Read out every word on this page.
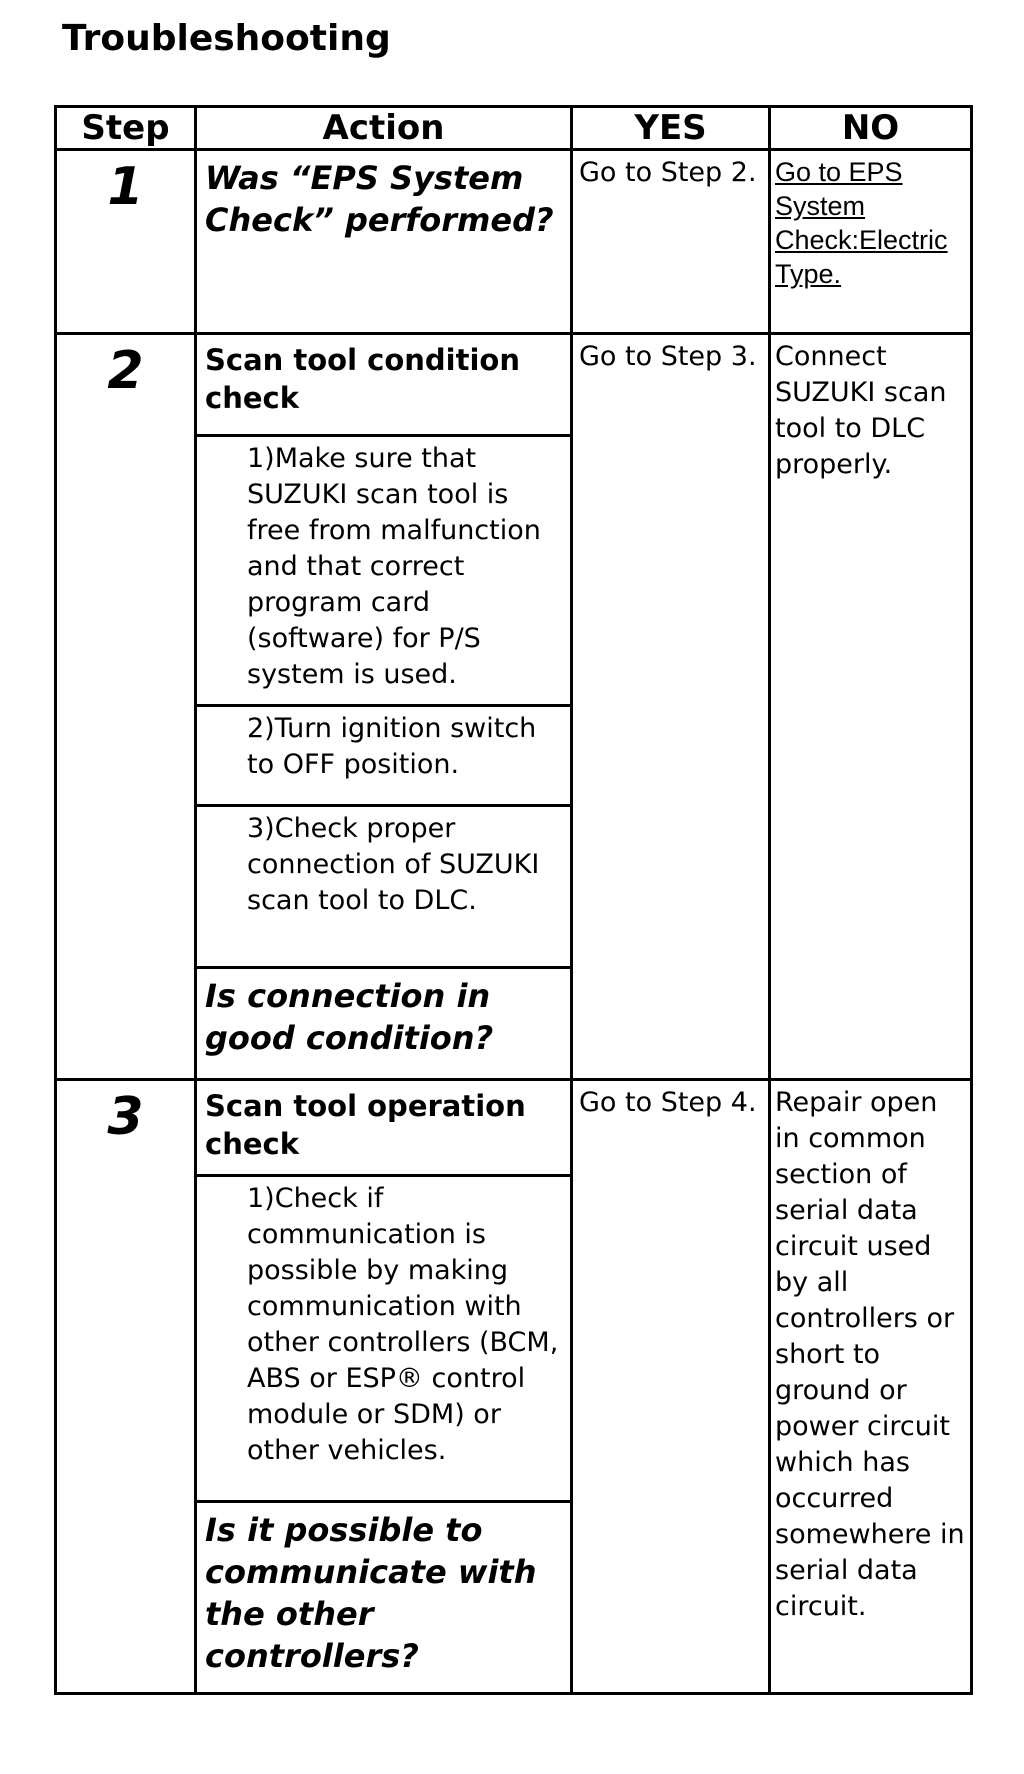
Troubleshooting
Step	Action	YES	NO

1	Was “EPS System Check” performed?	Go to Step 2.	Go to EPS System Check:Electric Type.

2	Scan tool condition check	Go to Step 3.	Connect SUZUKI scan tool to DLC properly.

	1)Make sure that SUZUKI scan tool is free from malfunction and that correct program card (software) for P/S system is used.		

	2)Turn ignition switch to OFF position.		

	3)Check proper connection of SUZUKI scan tool to DLC.		

	Is connection in good condition?		

3	Scan tool operation check	Go to Step 4.	Repair open in common section of serial data circuit used by all controllers or short to ground or power circuit which has occurred somewhere in serial data circuit.

	1)Check if communication is possible by making communication with other controllers (BCM, ABS or ESP® control module or SDM) or other vehicles.		

	Is it possible to communicate with the other controllers?		
